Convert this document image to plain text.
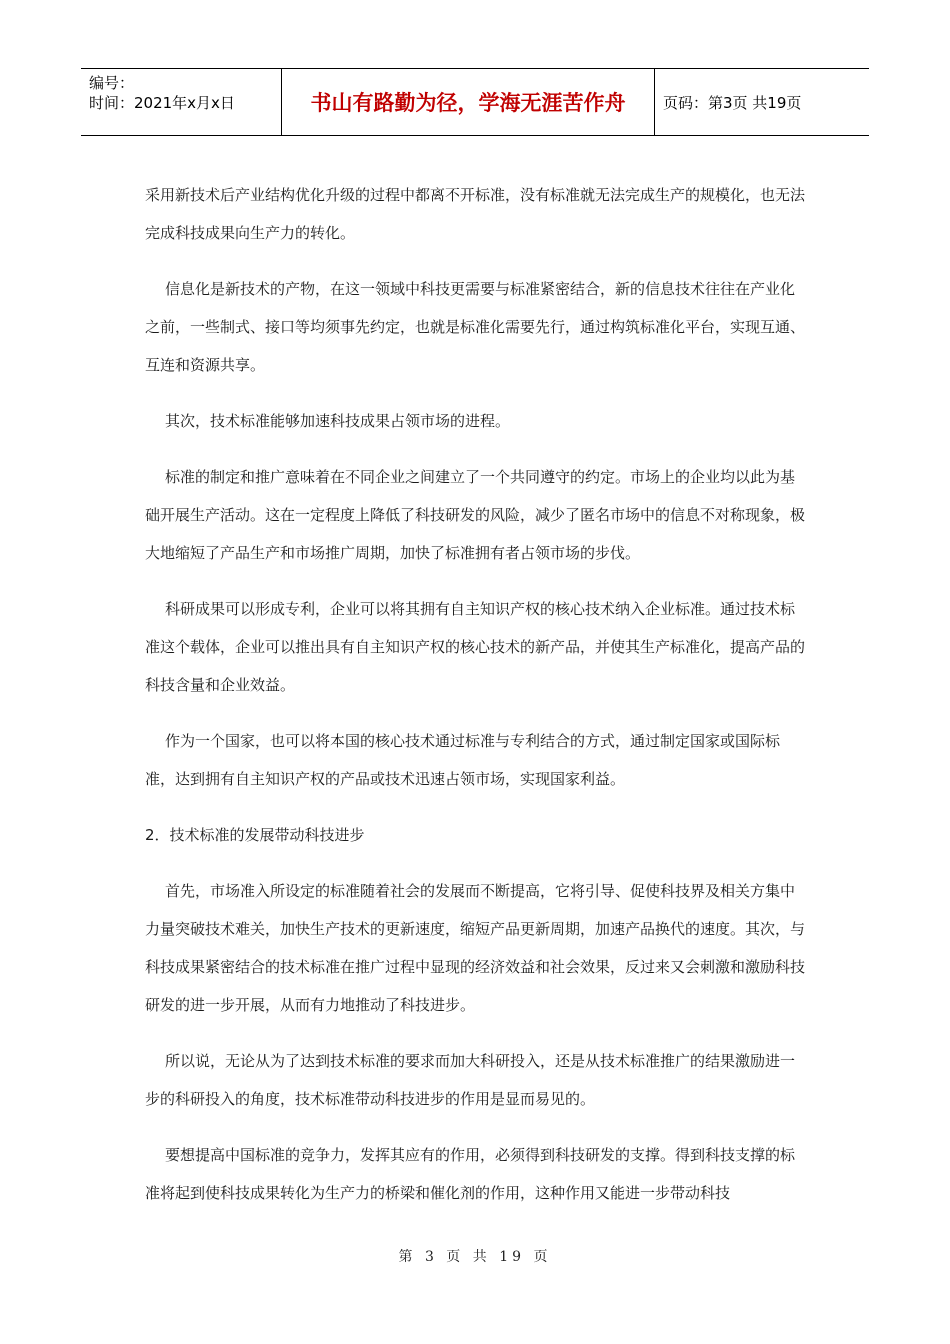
编号：
时间：2021年x月x日	书山有路勤为径，学海无涯苦作舟	页码：第3页 共19页

采用新技术后产业结构优化升级的过程中都离不开标准，没有标准就无法完成生产的规模化，也无法完成科技成果向生产力的转化。

信息化是新技术的产物，在这一领域中科技更需要与标准紧密结合，新的信息技术往往在产业化之前，一些制式、接口等均须事先约定，也就是标准化需要先行，通过构筑标准化平台，实现互通、互连和资源共享。

其次，技术标准能够加速科技成果占领市场的进程。

标准的制定和推广意味着在不同企业之间建立了一个共同遵守的约定。市场上的企业均以此为基础开展生产活动。这在一定程度上降低了科技研发的风险，减少了匿名市场中的信息不对称现象，极大地缩短了产品生产和市场推广周期，加快了标准拥有者占领市场的步伐。

科研成果可以形成专利，企业可以将其拥有自主知识产权的核心技术纳入企业标准。通过技术标准这个载体，企业可以推出具有自主知识产权的核心技术的新产品，并使其生产标准化，提高产品的科技含量和企业效益。

作为一个国家，也可以将本国的核心技术通过标准与专利结合的方式，通过制定国家或国际标准，达到拥有自主知识产权的产品或技术迅速占领市场，实现国家利益。

2．技术标准的发展带动科技进步

首先，市场准入所设定的标准随着社会的发展而不断提高，它将引导、促使科技界及相关方集中力量突破技术难关，加快生产技术的更新速度，缩短产品更新周期，加速产品换代的速度。其次，与科技成果紧密结合的技术标准在推广过程中显现的经济效益和社会效果，反过来又会刺激和激励科技研发的进一步开展，从而有力地推动了科技进步。

所以说，无论从为了达到技术标准的要求而加大科研投入，还是从技术标准推广的结果激励进一步的科研投入的角度，技术标准带动科技进步的作用是显而易见的。

要想提高中国标准的竞争力，发挥其应有的作用，必须得到科技研发的支撑。得到科技支撑的标准将起到使科技成果转化为生产力的桥梁和催化剂的作用，这种作用又能进一步带动科技

第 3 页 共 19 页
